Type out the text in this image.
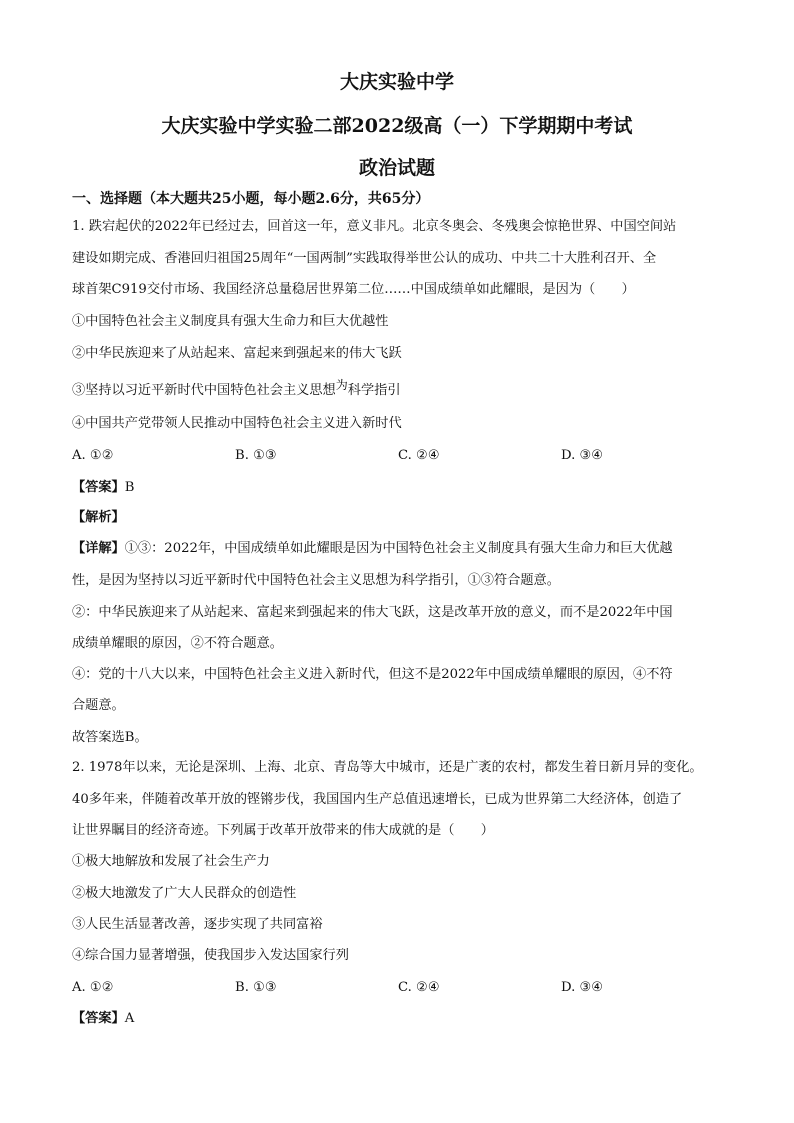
大庆实验中学
大庆实验中学实验二部2022级高（一）下学期期中考试
政治试题
一、选择题（本大题共25小题，每小题2.6分，共65分）
1. 跌宕起伏的2022年已经过去，回首这一年，意义非凡。北京冬奥会、冬残奥会惊艳世界、中国空间站
建设如期完成、香港回归祖国25周年“一国两制”实践取得举世公认的成功、中共二十大胜利召开、全
球首架C919交付市场、我国经济总量稳居世界第二位……中国成绩单如此耀眼，是因为（　　）
①中国特色社会主义制度具有强大生命力和巨大优越性
②中华民族迎来了从站起来、富起来到强起来的伟大飞跃
③坚持以习近平新时代中国特色社会主义思想为科学指引
④中国共产党带领人民推动中国特色社会主义进入新时代
A. ①②	B. ①③	C. ②④	D. ③④
【答案】B
【解析】
【详解】①③：2022年，中国成绩单如此耀眼是因为中国特色社会主义制度具有强大生命力和巨大优越
性，是因为坚持以习近平新时代中国特色社会主义思想为科学指引，①③符合题意。
②：中华民族迎来了从站起来、富起来到强起来的伟大飞跃，这是改革开放的意义，而不是2022年中国
成绩单耀眼的原因，②不符合题意。
④：党的十八大以来，中国特色社会主义进入新时代，但这不是2022年中国成绩单耀眼的原因，④不符
合题意。
故答案选B。
2. 1978年以来，无论是深圳、上海、北京、青岛等大中城市，还是广袤的农村，都发生着日新月异的变化。
40多年来，伴随着改革开放的铿锵步伐，我国国内生产总值迅速增长，已成为世界第二大经济体，创造了
让世界瞩目的经济奇迹。下列属于改革开放带来的伟大成就的是（　　）
①极大地解放和发展了社会生产力
②极大地激发了广大人民群众的创造性
③人民生活显著改善，逐步实现了共同富裕
④综合国力显著增强，使我国步入发达国家行列
A. ①②	B. ①③	C. ②④	D. ③④
【答案】A
